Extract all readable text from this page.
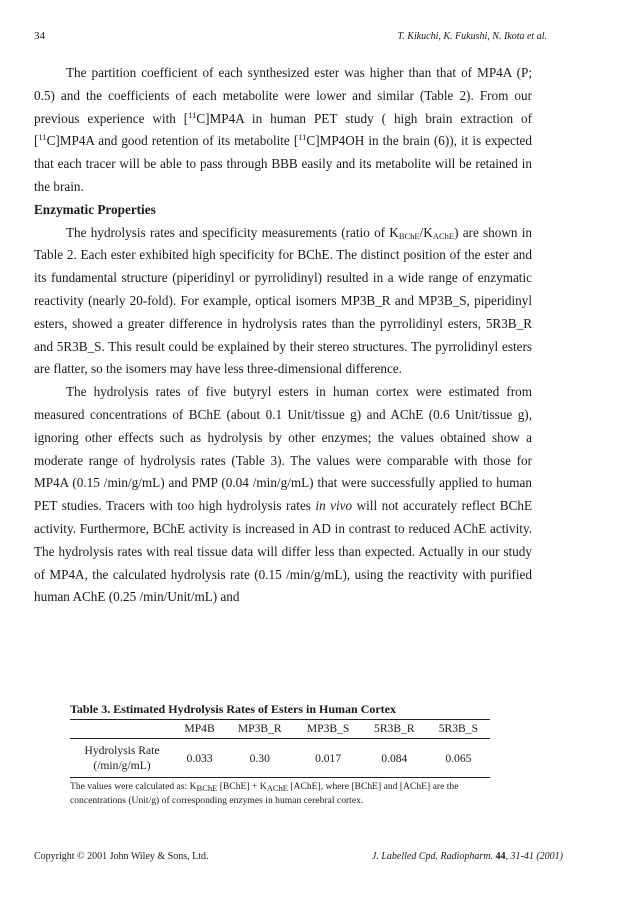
34	T. Kikuchi, K. Fukushi, N. Ikota et al.

The partition coefficient of each synthesized ester was higher than that of MP4A (P; 0.5) and the coefficients of each metabolite were lower and similar (Table 2). From our previous experience with [$^{11}$C]MP4A in human PET study ( high brain extraction of [$^{11}$C]MP4A and good retention of its metabolite [$^{11}$C]MP4OH in the brain (6)), it is expected that each tracer will be able to pass through BBB easily and its metabolite will be retained in the brain.

Enzymatic Properties

The hydrolysis rates and specificity measurements (ratio of $K_{BChE}/K_{AChE}$) are shown in Table 2. Each ester exhibited high specificity for BChE. The distinct position of the ester and its fundamental structure (piperidinyl or pyrrolidinyl) resulted in a wide range of enzymatic reactivity (nearly 20-fold). For example, optical isomers MP3B_R and MP3B_S, piperidinyl esters, showed a greater difference in hydrolysis rates than the pyrrolidinyl esters, 5R3B_R and 5R3B_S. This result could be explained by their stereo structures. The pyrrolidinyl esters are flatter, so the isomers may have less three-dimensional difference.

The hydrolysis rates of five butyryl esters in human cortex were estimated from measured concentrations of BChE (about 0.1 Unit/tissue g) and AChE (0.6 Unit/tissue g), ignoring other effects such as hydrolysis by other enzymes; the values obtained show a moderate range of hydrolysis rates (Table 3). The values were comparable with those for MP4A (0.15 /min/g/mL) and PMP (0.04 /min/g/mL) that were successfully applied to human PET studies. Tracers with too high hydrolysis rates in vivo will not accurately reflect BChE activity. Furthermore, BChE activity is increased in AD in contrast to reduced AChE activity. The hydrolysis rates with real tissue data will differ less than expected. Actually in our study of MP4A, the calculated hydrolysis rate (0.15 /min/g/mL), using the reactivity with purified human AChE (0.25 /min/Unit/mL) and

Table 3. Estimated Hydrolysis Rates of Esters in Human Cortex
	MP4B	MP3B_R	MP3B_S	5R3B_R	5R3B_S
Hydrolysis Rate
(/min/g/mL)	0.033	0.30	0.017	0.084	0.065
The values were calculated as: $K_{BChE}$ [BChE] + $K_{AChE}$ [AChE], where [BChE] and [AChE] are the concentrations (Unit/g) of corresponding enzymes in human cerebral cortex.
Copyright © 2001 John Wiley & Sons, Ltd.	J. Labelled Cpd. Radiopharm. 44, 31-41 (2001)
